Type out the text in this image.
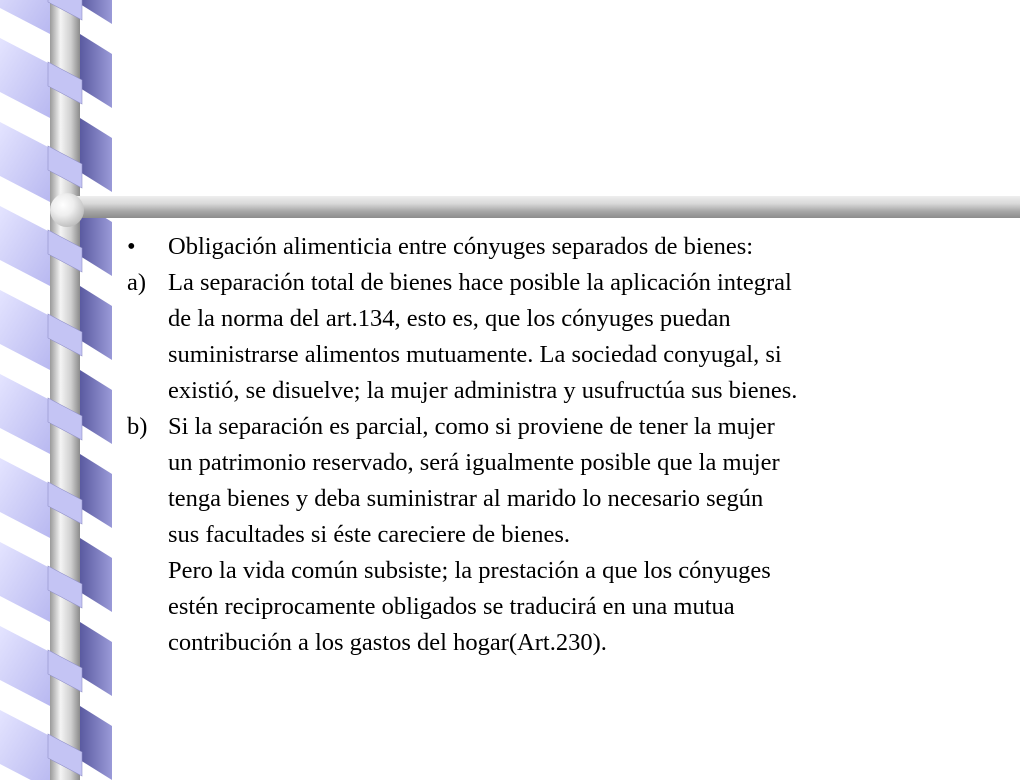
•	Obligación alimenticia entre cónyuges separados de bienes:
a) La separación total de bienes hace posible la aplicación integral
de la norma del art.134, esto es, que los cónyuges puedan
suministrarse alimentos mutuamente. La sociedad conyugal, si
existió, se disuelve; la mujer administra y usufructúa sus bienes.
b) Si la separación es parcial, como si proviene de tener la mujer
un patrimonio reservado, será igualmente posible que la mujer
tenga bienes y deba suministrar al marido lo necesario según
sus facultades si éste careciere de bienes.
Pero la vida común subsiste; la prestación a que los cónyuges
estén reciprocamente obligados se traducirá en una mutua
contribución a los gastos del hogar(Art.230).
